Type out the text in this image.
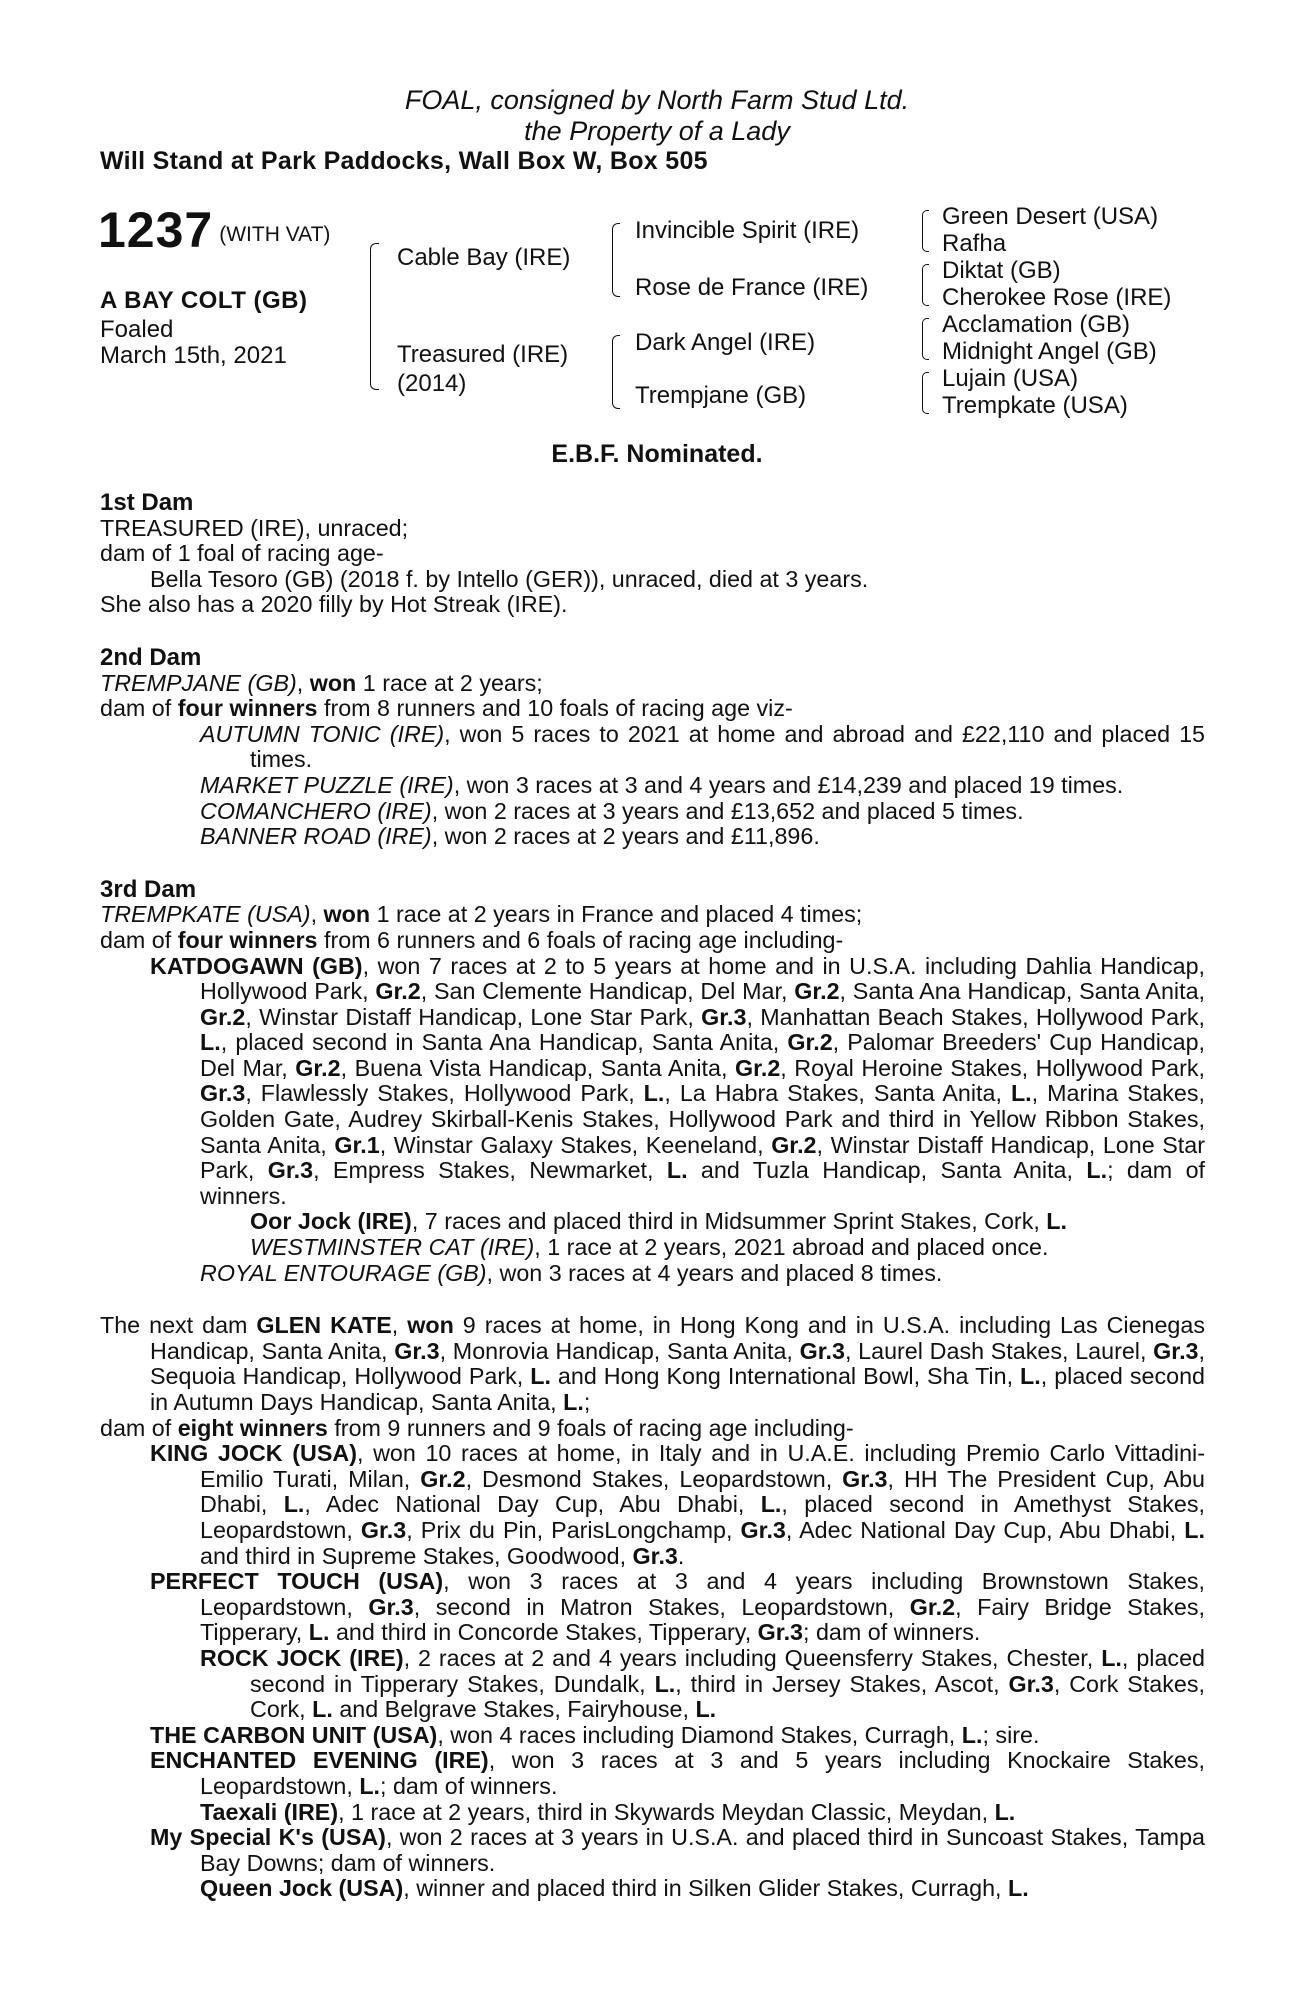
FOAL, consigned by North Farm Stud Ltd.
the Property of a Lady
Will Stand at Park Paddocks, Wall Box W, Box 505
1237 (WITH VAT)
A BAY COLT (GB)
Foaled
March 15th, 2021
Cable Bay (IRE)
Treasured (IRE)
(2014)
Invincible Spirit (IRE)
Rose de France (IRE)
Dark Angel (IRE)
Trempjane (GB)
Green Desert (USA)
Rafha
Diktat (GB)
Cherokee Rose (IRE)
Acclamation (GB)
Midnight Angel (GB)
Lujain (USA)
Trempkate (USA)
E.B.F. Nominated.
1st Dam
TREASURED (IRE), unraced;
dam of 1 foal of racing age-
Bella Tesoro (GB) (2018 f. by Intello (GER)), unraced, died at 3 years.
She also has a 2020 filly by Hot Streak (IRE).
2nd Dam
TREMPJANE (GB), won 1 race at 2 years;
dam of four winners from 8 runners and 10 foals of racing age viz-
AUTUMN TONIC (IRE), won 5 races to 2021 at home and abroad and £22,110 and placed 15 times.
MARKET PUZZLE (IRE), won 3 races at 3 and 4 years and £14,239 and placed 19 times.
COMANCHERO (IRE), won 2 races at 3 years and £13,652 and placed 5 times.
BANNER ROAD (IRE), won 2 races at 2 years and £11,896.
3rd Dam
TREMPKATE (USA), won 1 race at 2 years in France and placed 4 times;
dam of four winners from 6 runners and 6 foals of racing age including-
KATDOGAWN (GB), won 7 races at 2 to 5 years at home and in U.S.A. including Dahlia Handicap, Hollywood Park, Gr.2, San Clemente Handicap, Del Mar, Gr.2, Santa Ana Handicap, Santa Anita, Gr.2, Winstar Distaff Handicap, Lone Star Park, Gr.3, Manhattan Beach Stakes, Hollywood Park, L., placed second in Santa Ana Handicap, Santa Anita, Gr.2, Palomar Breeders' Cup Handicap, Del Mar, Gr.2, Buena Vista Handicap, Santa Anita, Gr.2, Royal Heroine Stakes, Hollywood Park, Gr.3, Flawlessly Stakes, Hollywood Park, L., La Habra Stakes, Santa Anita, L., Marina Stakes, Golden Gate, Audrey Skirball-Kenis Stakes, Hollywood Park and third in Yellow Ribbon Stakes, Santa Anita, Gr.1, Winstar Galaxy Stakes, Keeneland, Gr.2, Winstar Distaff Handicap, Lone Star Park, Gr.3, Empress Stakes, Newmarket, L. and Tuzla Handicap, Santa Anita, L.; dam of winners.
Oor Jock (IRE), 7 races and placed third in Midsummer Sprint Stakes, Cork, L.
WESTMINSTER CAT (IRE), 1 race at 2 years, 2021 abroad and placed once.
ROYAL ENTOURAGE (GB), won 3 races at 4 years and placed 8 times.
The next dam GLEN KATE, won 9 races at home, in Hong Kong and in U.S.A. including Las Cienegas Handicap, Santa Anita, Gr.3, Monrovia Handicap, Santa Anita, Gr.3, Laurel Dash Stakes, Laurel, Gr.3, Sequoia Handicap, Hollywood Park, L. and Hong Kong International Bowl, Sha Tin, L., placed second in Autumn Days Handicap, Santa Anita, L.;
dam of eight winners from 9 runners and 9 foals of racing age including-
KING JOCK (USA), won 10 races at home, in Italy and in U.A.E. including Premio Carlo Vittadini-Emilio Turati, Milan, Gr.2, Desmond Stakes, Leopardstown, Gr.3, HH The President Cup, Abu Dhabi, L., Adec National Day Cup, Abu Dhabi, L., placed second in Amethyst Stakes, Leopardstown, Gr.3, Prix du Pin, ParisLongchamp, Gr.3, Adec National Day Cup, Abu Dhabi, L. and third in Supreme Stakes, Goodwood, Gr.3.
PERFECT TOUCH (USA), won 3 races at 3 and 4 years including Brownstown Stakes, Leopardstown, Gr.3, second in Matron Stakes, Leopardstown, Gr.2, Fairy Bridge Stakes, Tipperary, L. and third in Concorde Stakes, Tipperary, Gr.3; dam of winners.
ROCK JOCK (IRE), 2 races at 2 and 4 years including Queensferry Stakes, Chester, L., placed second in Tipperary Stakes, Dundalk, L., third in Jersey Stakes, Ascot, Gr.3, Cork Stakes, Cork, L. and Belgrave Stakes, Fairyhouse, L.
THE CARBON UNIT (USA), won 4 races including Diamond Stakes, Curragh, L.; sire.
ENCHANTED EVENING (IRE), won 3 races at 3 and 5 years including Knockaire Stakes, Leopardstown, L.; dam of winners.
Taexali (IRE), 1 race at 2 years, third in Skywards Meydan Classic, Meydan, L.
My Special K's (USA), won 2 races at 3 years in U.S.A. and placed third in Suncoast Stakes, Tampa Bay Downs; dam of winners.
Queen Jock (USA), winner and placed third in Silken Glider Stakes, Curragh, L.
